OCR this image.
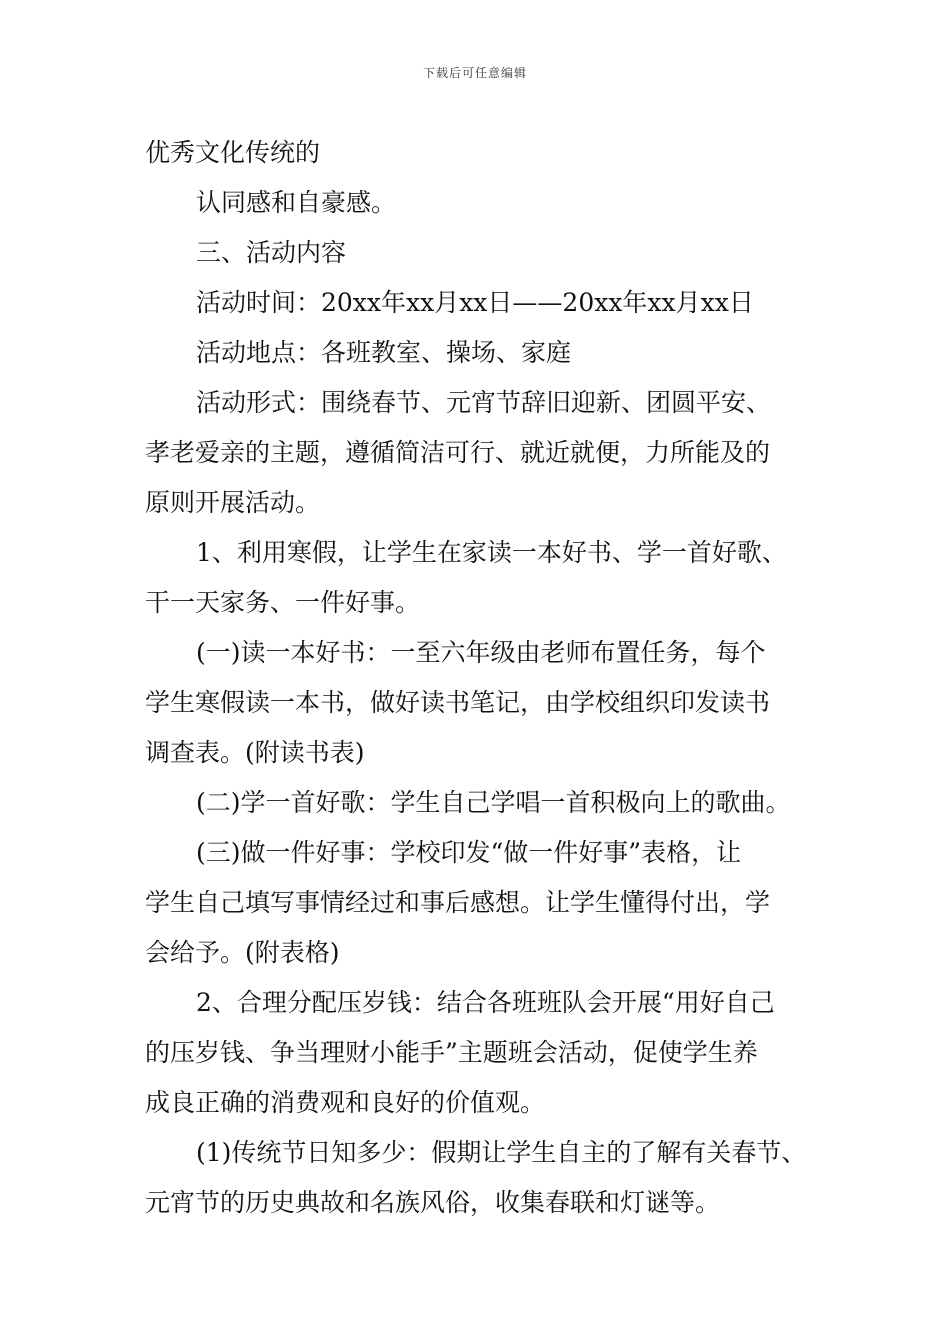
下载后可任意编辑
优秀文化传统的
认同感和自豪感。
三、活动内容
活动时间：20xx年xx月xx日——20xx年xx月xx日
活动地点：各班教室、操场、家庭
活动形式：围绕春节、元宵节辞旧迎新、团圆平安、
孝老爱亲的主题，遵循简洁可行、就近就便，力所能及的
原则开展活动。
1、利用寒假，让学生在家读一本好书、学一首好歌、
干一天家务、一件好事。
(一)读一本好书：一至六年级由老师布置任务，每个
学生寒假读一本书，做好读书笔记，由学校组织印发读书
调查表。(附读书表)
(二)学一首好歌：学生自己学唱一首积极向上的歌曲。
(三)做一件好事：学校印发“做一件好事”表格，让
学生自己填写事情经过和事后感想。让学生懂得付出，学
会给予。(附表格)
2、合理分配压岁钱：结合各班班队会开展“用好自己
的压岁钱、争当理财小能手”主题班会活动，促使学生养
成良正确的消费观和良好的价值观。
(1)传统节日知多少：假期让学生自主的了解有关春节、
元宵节的历史典故和名族风俗，收集春联和灯谜等。
